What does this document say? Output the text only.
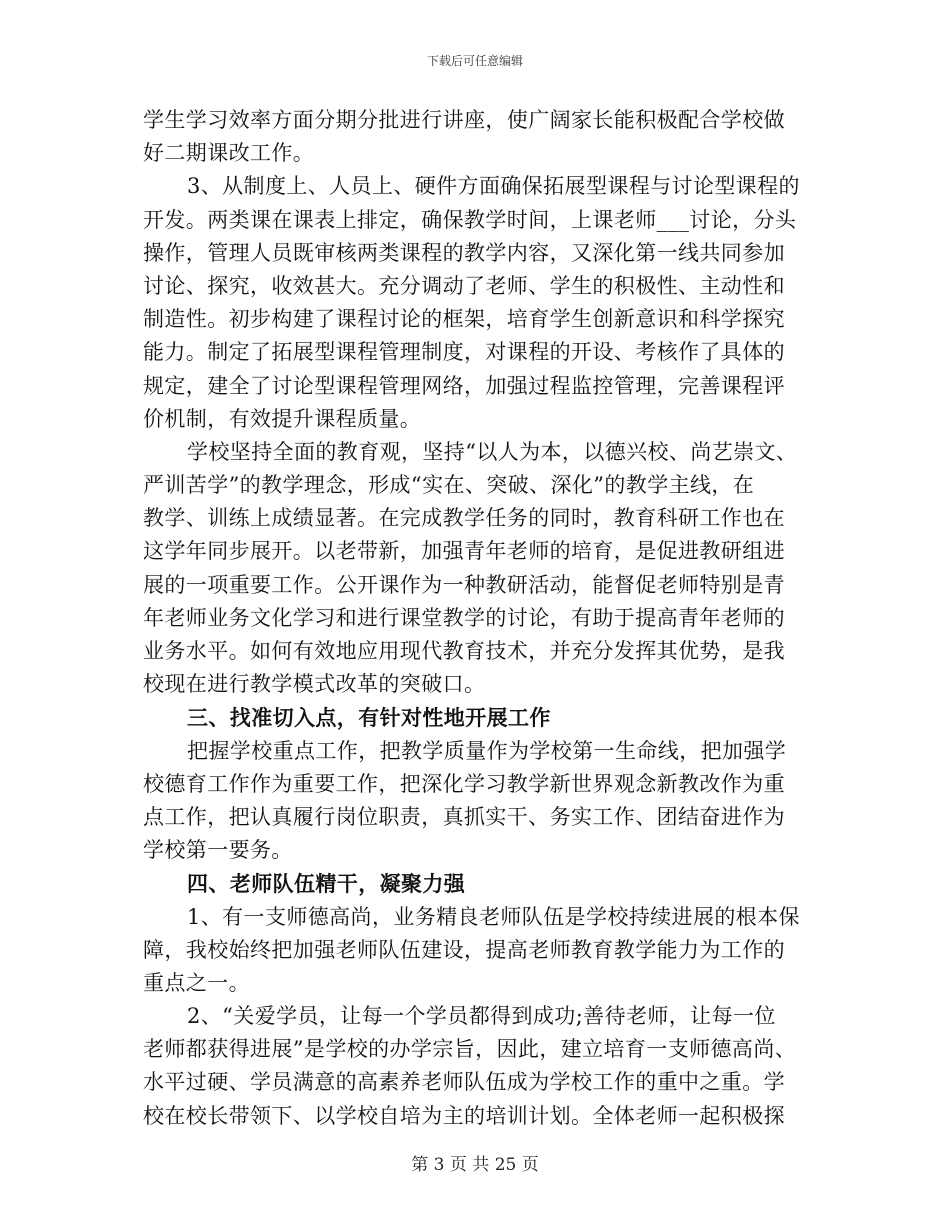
下载后可任意编辑
学生学习效率方面分期分批进行讲座，使广阔家长能积极配合学校做
好二期课改工作。
3、从制度上、人员上、硬件方面确保拓展型课程与讨论型课程的
开发。两类课在课表上排定，确保教学时间，上课老师___讨论，分头
操作，管理人员既审核两类课程的教学内容，又深化第一线共同参加
讨论、探究，收效甚大。充分调动了老师、学生的积极性、主动性和
制造性。初步构建了课程讨论的框架，培育学生创新意识和科学探究
能力。制定了拓展型课程管理制度，对课程的开设、考核作了具体的
规定，建全了讨论型课程管理网络，加强过程监控管理，完善课程评
价机制，有效提升课程质量。
学校坚持全面的教育观，坚持“以人为本，以德兴校、尚艺崇文、
严训苦学”的教学理念，形成“实在、突破、深化”的教学主线，在
教学、训练上成绩显著。在完成教学任务的同时，教育科研工作也在
这学年同步展开。以老带新，加强青年老师的培育，是促进教研组进
展的一项重要工作。公开课作为一种教研活动，能督促老师特别是青
年老师业务文化学习和进行课堂教学的讨论，有助于提高青年老师的
业务水平。如何有效地应用现代教育技术，并充分发挥其优势，是我
校现在进行教学模式改革的突破口。
三、找准切入点，有针对性地开展工作
把握学校重点工作，把教学质量作为学校第一生命线，把加强学
校德育工作作为重要工作，把深化学习教学新世界观念新教改作为重
点工作，把认真履行岗位职责，真抓实干、务实工作、团结奋进作为
学校第一要务。
四、老师队伍精干，凝聚力强
1、有一支师德高尚，业务精良老师队伍是学校持续进展的根本保
障，我校始终把加强老师队伍建设，提高老师教育教学能力为工作的
重点之一。
2、“关爱学员，让每一个学员都得到成功;善待老师，让每一位
老师都获得进展”是学校的办学宗旨，因此，建立培育一支师德高尚、
水平过硬、学员满意的高素养老师队伍成为学校工作的重中之重。学
校在校长带领下、以学校自培为主的培训计划。全体老师一起积极探
第 3 页 共 25 页
